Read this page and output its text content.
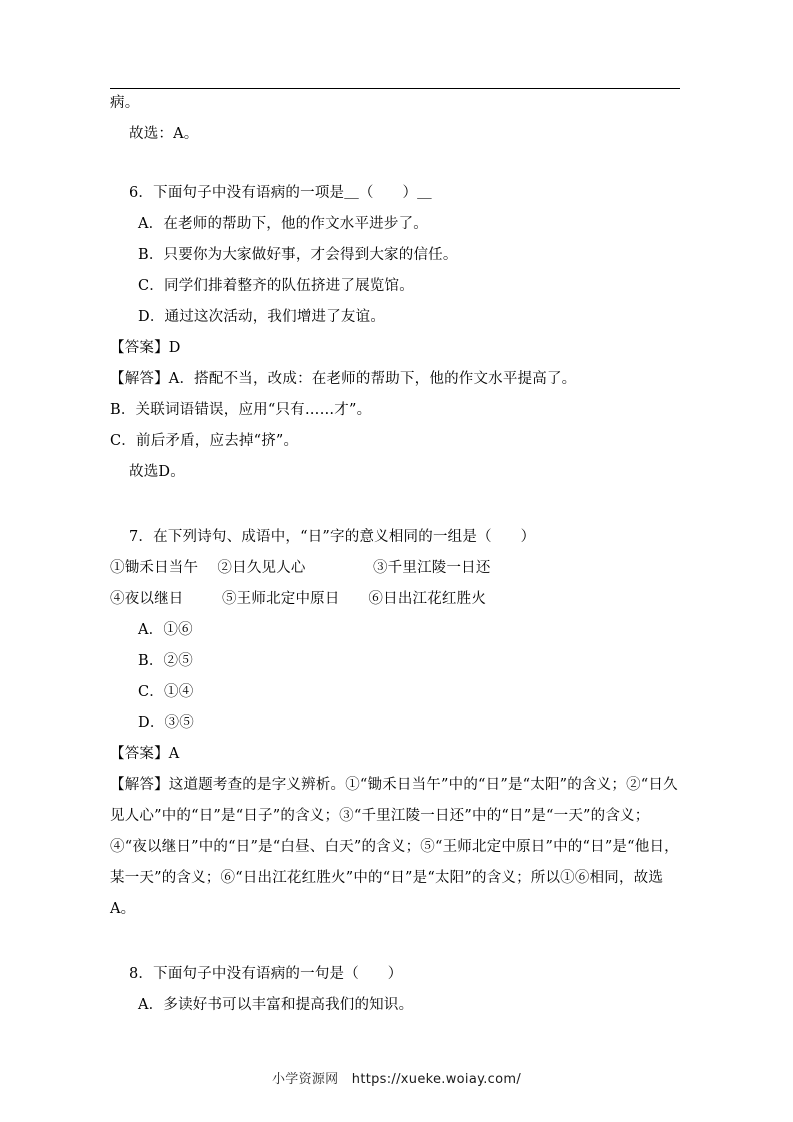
病。
故选：A。
6．下面句子中没有语病的一项是＿（      ）＿
A．在老师的帮助下，他的作文水平进步了。
B．只要你为大家做好事，才会得到大家的信任。
C．同学们排着整齐的队伍挤进了展览馆。
D．通过这次活动，我们增进了友谊。
【答案】D
【解答】A．搭配不当，改成：在老师的帮助下，他的作文水平提高了。
B．关联词语错误，应用“只有……才”。
C．前后矛盾，应去掉“挤”。
故选D。
7．在下列诗句、成语中，“日”字的意义相同的一组是（      ）
①锄禾日当午    ②日久见人心              ③千里江陵一日还
④夜以继日        ⑤王师北定中原日      ⑥日出江花红胜火
A．①⑥
B．②⑤
C．①④
D．③⑤
【答案】A
【解答】这道题考查的是字义辨析。①“锄禾日当午”中的“日”是“太阳”的含义；②“日久见人心”中的“日”是“日子”的含义；③“千里江陵一日还”中的“日”是“一天”的含义；④“夜以继日”中的“日”是“白昼、白天”的含义；⑤“王师北定中原日”中的“日”是“他日，某一天”的含义；⑥“日出江花红胜火”中的“日”是“太阳”的含义；所以①⑥相同，故选A。
8．下面句子中没有语病的一句是（      ）
A．多读好书可以丰富和提高我们的知识。
小学资源网 https://xueke.woiay.com/
